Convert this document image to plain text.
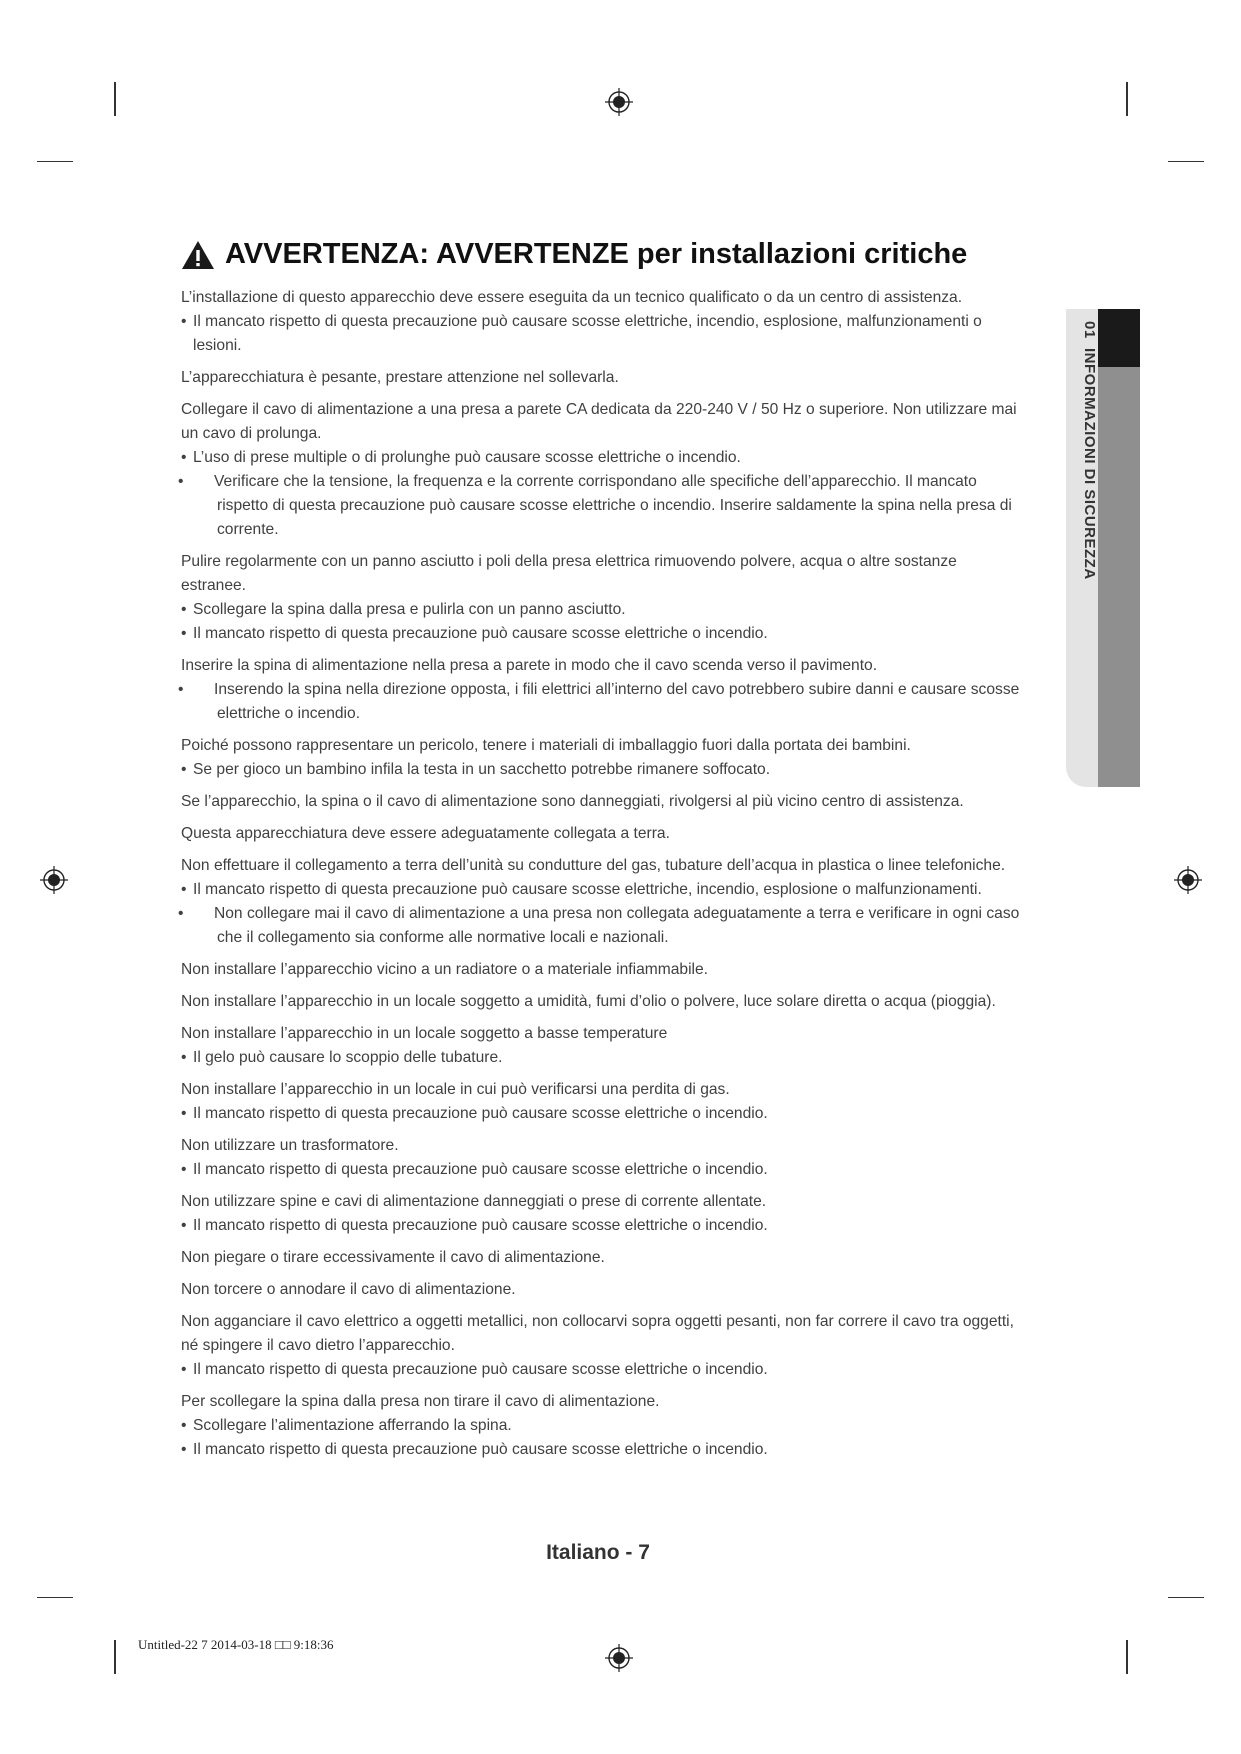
AVVERTENZA: AVVERTENZE per installazioni critiche
01

INFORMAZIONI DI SICUREZZA

L’installazione di questo apparecchio deve essere eseguita da un tecnico qualificato o da un centro di assistenza.

• Il mancato rispetto di questa precauzione può causare scosse elettriche, incendio, esplosione, malfunzionamenti o lesioni.

L’apparecchiatura è pesante, prestare attenzione nel sollevarla.

Collegare il cavo di alimentazione a una presa a parete CA dedicata da 220-240 V / 50 Hz o superiore. Non utilizzare mai un cavo di prolunga.

• L’uso di prese multiple o di prolunghe può causare scosse elettriche o incendio.

• Verificare che la tensione, la frequenza e la corrente corrispondano alle specifiche dell’apparecchio. Il mancato rispetto di questa precauzione può causare scosse elettriche o incendio. Inserire saldamente la spina nella presa di corrente.

Pulire regolarmente con un panno asciutto i poli della presa elettrica rimuovendo polvere, acqua o altre sostanze estranee.

• Scollegare la spina dalla presa e pulirla con un panno asciutto.

• Il mancato rispetto di questa precauzione può causare scosse elettriche o incendio.

Inserire la spina di alimentazione nella presa a parete in modo che il cavo scenda verso il pavimento.

• Inserendo la spina nella direzione opposta, i fili elettrici all’interno del cavo potrebbero subire danni e causare scosse elettriche o incendio.

Poiché possono rappresentare un pericolo, tenere i materiali di imballaggio fuori dalla portata dei bambini.

• Se per gioco un bambino infila la testa in un sacchetto potrebbe rimanere soffocato.

Se l’apparecchio, la spina o il cavo di alimentazione sono danneggiati, rivolgersi al più vicino centro di assistenza.

Questa apparecchiatura deve essere adeguatamente collegata a terra.

Non effettuare il collegamento a terra dell’unità su condutture del gas, tubature dell’acqua in plastica o linee telefoniche.

• Il mancato rispetto di questa precauzione può causare scosse elettriche, incendio, esplosione o malfunzionamenti.

• Non collegare mai il cavo di alimentazione a una presa non collegata adeguatamente a terra e verificare in ogni caso che il collegamento sia conforme alle normative locali e nazionali.

Non installare l’apparecchio vicino a un radiatore o a materiale infiammabile.

Non installare l’apparecchio in un locale soggetto a umidità, fumi d’olio o polvere, luce solare diretta o acqua (pioggia).

Non installare l’apparecchio in un locale soggetto a basse temperature

• Il gelo può causare lo scoppio delle tubature.

Non installare l’apparecchio in un locale in cui può verificarsi una perdita di gas.

• Il mancato rispetto di questa precauzione può causare scosse elettriche o incendio.

Non utilizzare un trasformatore.

• Il mancato rispetto di questa precauzione può causare scosse elettriche o incendio.

Non utilizzare spine e cavi di alimentazione danneggiati o prese di corrente allentate.

• Il mancato rispetto di questa precauzione può causare scosse elettriche o incendio.

Non piegare o tirare eccessivamente il cavo di alimentazione.

Non torcere o annodare il cavo di alimentazione.

Non agganciare il cavo elettrico a oggetti metallici, non collocarvi sopra oggetti pesanti, non far correre il cavo tra oggetti, né spingere il cavo dietro l’apparecchio.

• Il mancato rispetto di questa precauzione può causare scosse elettriche o incendio.

Per scollegare la spina dalla presa non tirare il cavo di alimentazione.

• Scollegare l’alimentazione afferrando la spina.

• Il mancato rispetto di questa precauzione può causare scosse elettriche o incendio.

Italiano - 7
Untitled-22 7 2014-03-18 □□ 9:18:36
